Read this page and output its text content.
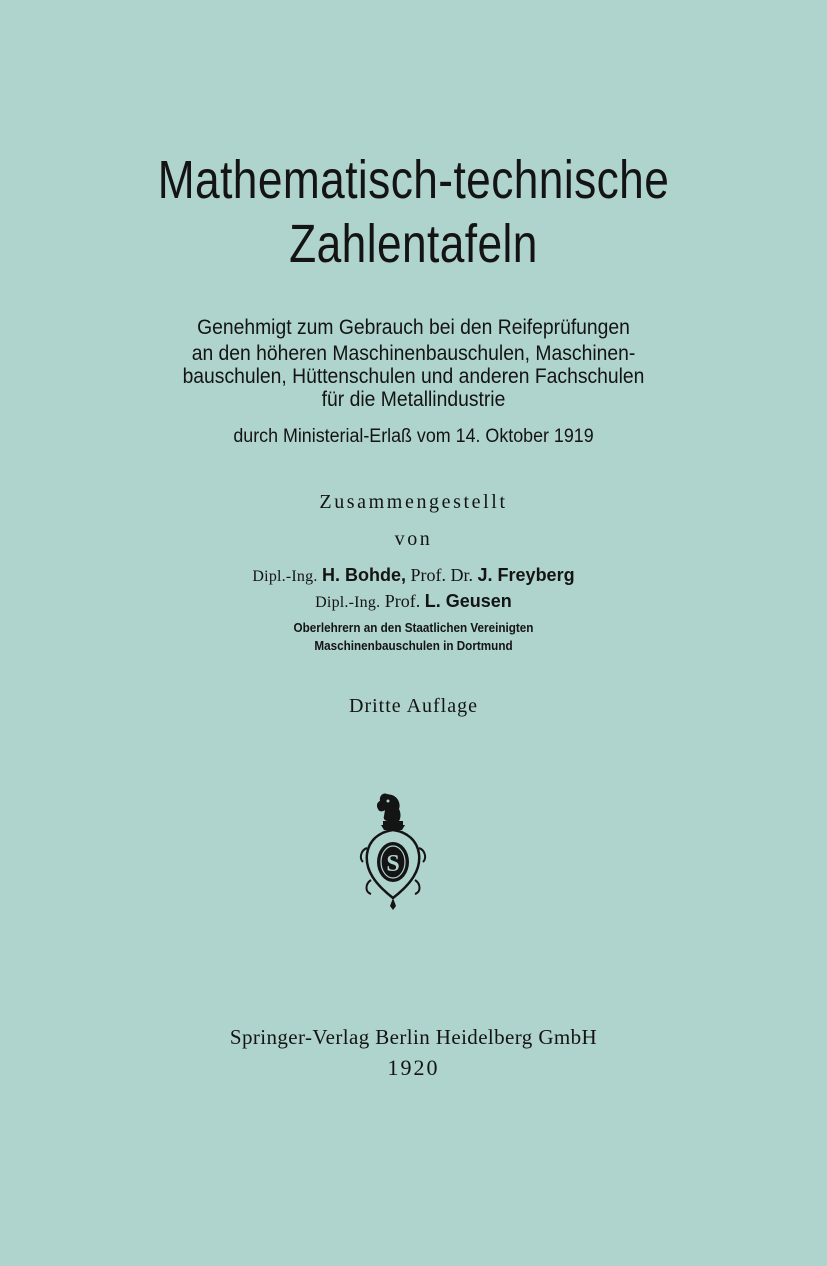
Mathematisch-technische
Zahlentafeln
Genehmigt zum Gebrauch bei den Reifeprüfungen
an den höheren Maschinenbauschulen, Maschinen-
bauschulen, Hüttenschulen und anderen Fachschulen
für die Metallindustrie
durch Ministerial-Erlaß vom 14. Oktober 1919
Zusammengestellt
von
Dipl.-Ing. H. Bohde, Prof. Dr. J. Freyberg
Dipl.-Ing. Prof. L. Geusen
Oberlehrern an den Staatlichen Vereinigten
Maschinenbauschulen in Dortmund
Dritte Auflage
S
Springer-Verlag Berlin Heidelberg GmbH
1920
